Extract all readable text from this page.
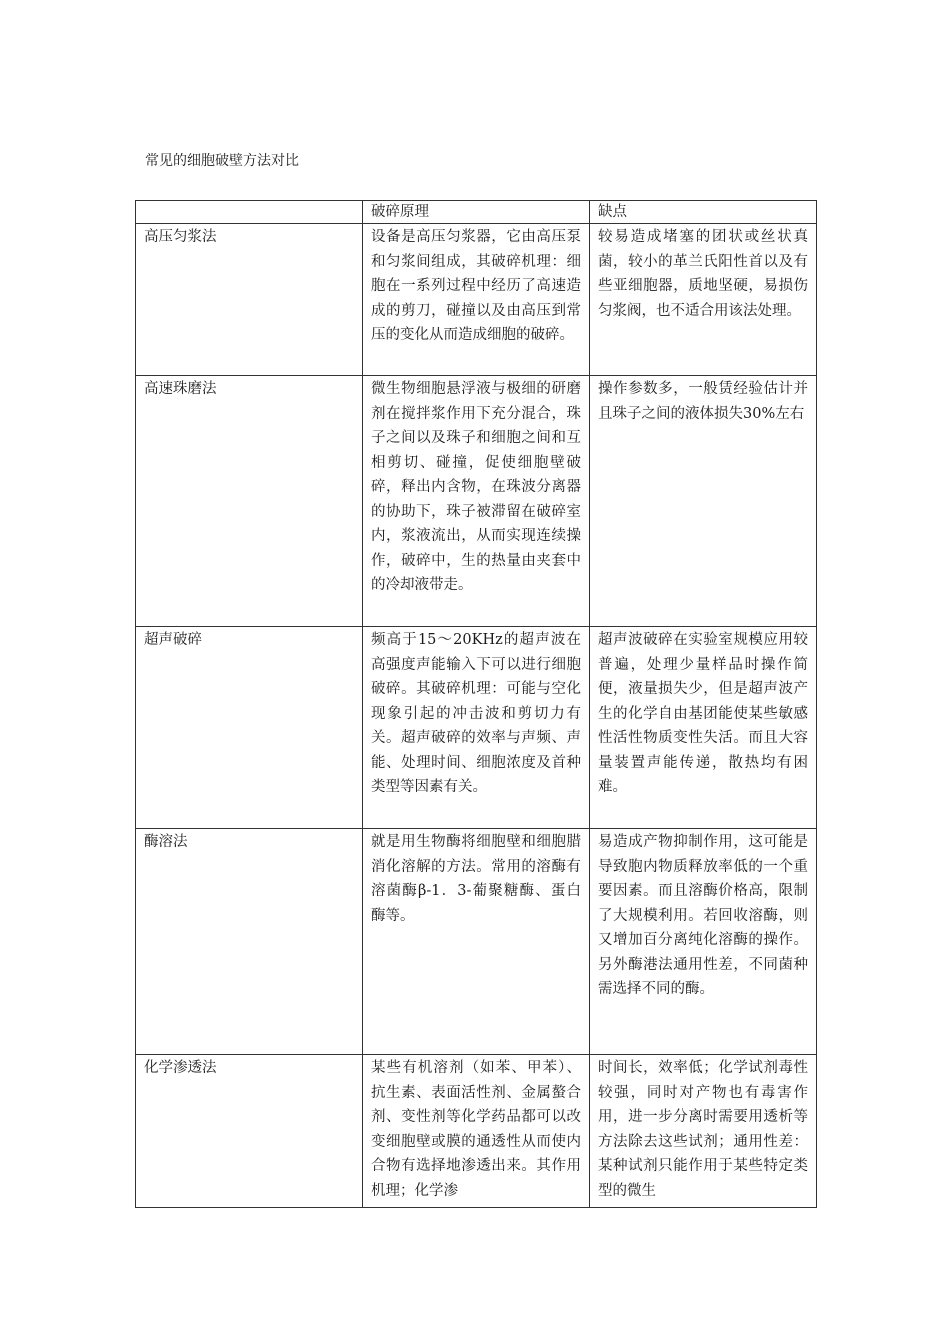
常见的细胞破壁方法对比
	破碎原理	缺点
高压匀浆法	设备是高压匀浆器，它由高压泵和匀浆间组成，其破碎机理：细胞在一系列过程中经历了高速造成的剪刀，碰撞以及由高压到常压的变化从而造成细胞的破碎。	较易造成堵塞的团状或丝状真菌，较小的革兰氏阳性首以及有些亚细胞器，质地坚硬，易损伤匀浆阀，也不适合用该法处理。
高速珠磨法	微生物细胞悬浮液与极细的研磨剂在搅拌浆作用下充分混合，珠子之间以及珠子和细胞之间和互相剪切、碰撞，促使细胞壁破碎，释出内含物，在珠波分离器的协助下，珠子被滞留在破碎室内，浆液流出，从而实现连续操作，破碎中，生的热量由夹套中的冷却液带走。	操作参数多，一般赁经验估计并且珠子之间的液体损失30%左右
超声破碎	频高于15～20KHz的超声波在高强度声能输入下可以进行细胞破碎。其破碎机理：可能与空化现象引起的冲击波和剪切力有关。超声破碎的效率与声频、声能、处理时间、细胞浓度及首种类型等因素有关。	超声波破碎在实验室规模应用较普遍，处理少量样品时操作简便，液量损失少，但是超声波产生的化学自由基团能使某些敏感性活性物质变性失活。而且大容量装置声能传递，散热均有困难。
酶溶法	就是用生物酶将细胞壁和细胞腊消化溶解的方法。常用的溶酶有溶菌酶β-1．3-葡聚糖酶、蛋白酶等。	易造成产物抑制作用，这可能是导致胞内物质释放率低的一个重要因素。而且溶酶价格高，限制了大规模利用。若回收溶酶，则又增加百分离纯化溶酶的操作。另外酶港法通用性差，不同菌种需选择不同的酶。
化学渗透法	某些有机溶剂（如苯、甲苯）、抗生素、表面活性剂、金属螯合剂、变性剂等化学药品都可以改变细胞壁或膜的通透性从而使内合物有选择地渗透出来。其作用机理；化学渗	时间长，效率低；化学试剂毒性较强，同时对产物也有毒害作用，进一步分离时需要用透析等方法除去这些试剂；通用性差：某种试剂只能作用于某些特定类型的微生
